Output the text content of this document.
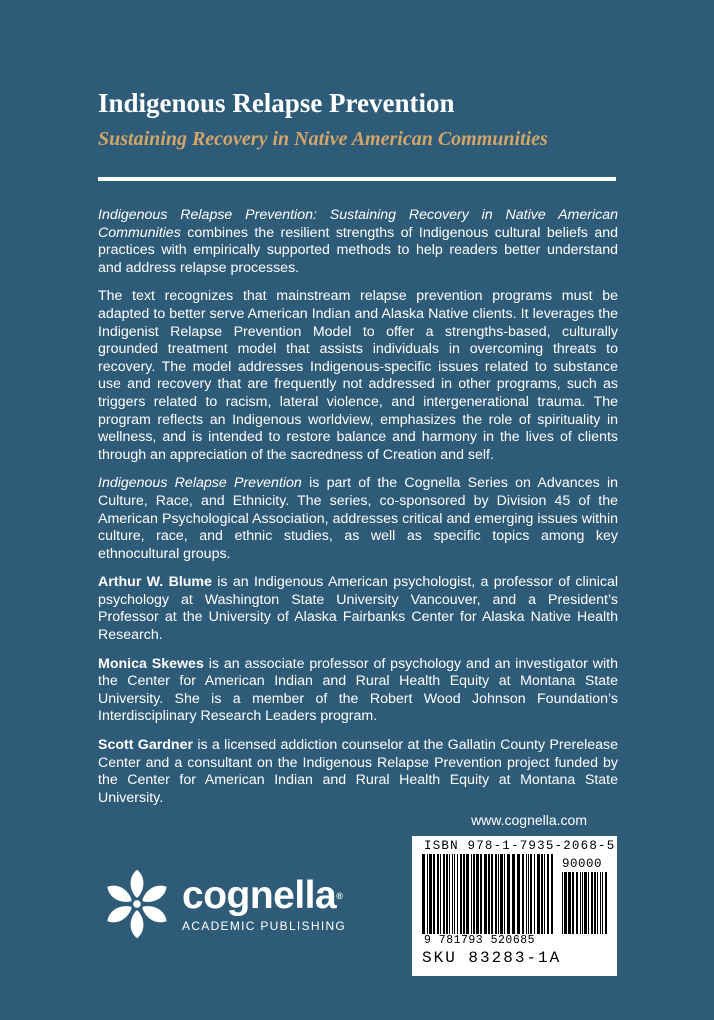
Indigenous Relapse Prevention
Sustaining Recovery in Native American Communities

Indigenous Relapse Prevention: Sustaining Recovery in Native American Communities combines the resilient strengths of Indigenous cultural beliefs and practices with empirically supported methods to help readers better understand and address relapse processes.

The text recognizes that mainstream relapse prevention programs must be adapted to better serve American Indian and Alaska Native clients. It leverages the Indigenist Relapse Prevention Model to offer a strengths-based, culturally grounded treatment model that assists individuals in overcoming threats to recovery. The model addresses Indigenous-specific issues related to substance use and recovery that are frequently not addressed in other programs, such as triggers related to racism, lateral violence, and intergenerational trauma. The program reflects an Indigenous worldview, emphasizes the role of spirituality in wellness, and is intended to restore balance and harmony in the lives of clients through an appreciation of the sacredness of Creation and self.

Indigenous Relapse Prevention is part of the Cognella Series on Advances in Culture, Race, and Ethnicity. The series, co-sponsored by Division 45 of the American Psychological Association, addresses critical and emerging issues within culture, race, and ethnic studies, as well as specific topics among key ethnocultural groups.

Arthur W. Blume is an Indigenous American psychologist, a professor of clinical psychology at Washington State University Vancouver, and a President’s Professor at the University of Alaska Fairbanks Center for Alaska Native Health Research.

Monica Skewes is an associate professor of psychology and an investigator with the Center for American Indian and Rural Health Equity at Montana State University. She is a member of the Robert Wood Johnson Foundation’s Interdisciplinary Research Leaders program.

Scott Gardner is a licensed addiction counselor at the Gallatin County Prerelease Center and a consultant on the Indigenous Relapse Prevention project funded by the Center for American Indian and Rural Health Equity at Montana State University.

www.cognella.com
cognella®
ACADEMIC PUBLISHING
ISBN 978-1-7935-2068-5
90000
9 781793 520685
SKU 83283-1A
